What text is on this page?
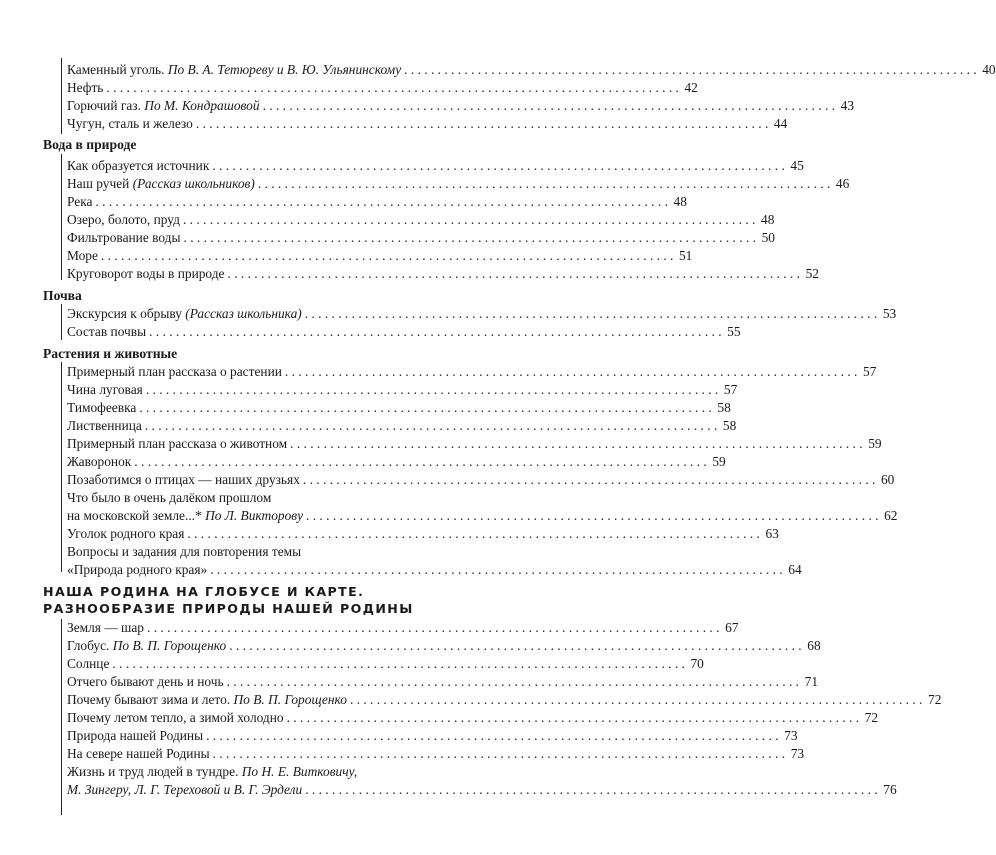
Каменный уголь. По В. А. Тетюреву и В. Ю. Ульянинскому . . .	40
Нефть . . .	42
Горючий газ. По М. Кондрашовой . . .	43
Чугун, сталь и железо . . .	44
Вода в природе
Как образуется источник . . .	45
Наш ручей (Рассказ школьников) . . .	46
Река . . .	48
Озеро, болото, пруд . . .	48
Фильтрование воды . . .	50
Море . . .	51
Круговорот воды в природе . . .	52
Почва
Экскурсия к обрыву (Рассказ школьника) . . .	53
Состав почвы . . .	55
Растения и животные
Примерный план рассказа о растении . . .	57
Чина луговая . . .	57
Тимофеевка . . .	58
Лиственница . . .	58
Примерный план рассказа о животном . . .	59
Жаворонок . . .	59
Позаботимся о птицах — наших друзьях . . .	60
Что было в очень далёком прошлом
на московской земле...* По Л. Викторову . . .	62
Уголок родного края . . .	63
Вопросы и задания для повторения темы
«Природа родного края» . . .	64
НАША РОДИНА НА ГЛОБУСЕ И КАРТЕ.
РАЗНООБРАЗИЕ ПРИРОДЫ НАШЕЙ РОДИНЫ
Земля — шар . . .	67
Глобус. По В. П. Горощенко . . .	68
Солнце . . .	70
Отчего бывают день и ночь . . .	71
Почему бывают зима и лето. По В. П. Горощенко . . .	72
Почему летом тепло, а зимой холодно . . .	72
Природа нашей Родины . . .	73
На севере нашей Родины . . .	73
Жизнь и труд людей в тундре. По Н. Е. Витковичу,
М. Зингеру, Л. Г. Тереховой и В. Г. Эрдели . . .	76
